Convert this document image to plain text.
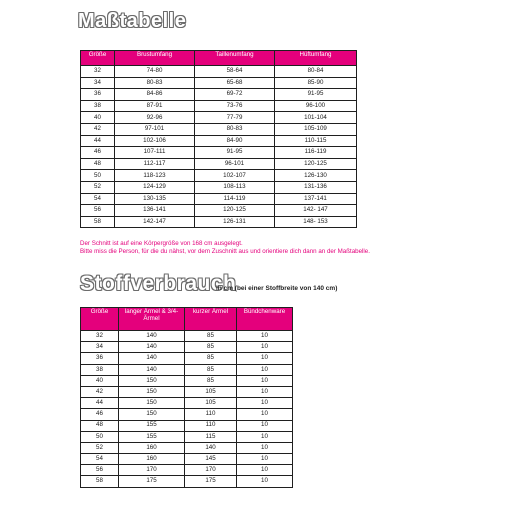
Maßtabelle
Größe	Brustumfang	Taillenumfang	Hüftumfang
32	74-80	58-64	80-84
34	80-83	65-68	85-90
36	84-86	69-72	91-95
38	87-91	73-76	96-100
40	92-96	77-79	101-104
42	97-101	80-83	105-109
44	102-106	84-90	110-115
46	107-111	91-95	116-119
48	112-117	96-101	120-125
50	118-123	102-107	126-130
52	124-129	108-113	131-136
54	130-135	114-119	137-141
56	136-141	120-125	142- 147
58	142-147	126-131	148- 153
Der Schnitt ist auf eine Körpergröße von 168 cm ausgelegt.
Bitte miss die Person, für die du nähst, vor dem Zuschnitt aus und orientiere dich dann an der Maßtabelle.
Stoffverbrauch
in cm (bei einer Stoffbreite von 140 cm)
Größe	langer Ärmel & 3/4-Ärmel	kurzer Ärmel	Bündchenware
32	140	85	10
34	140	85	10
36	140	85	10
38	140	85	10
40	150	85	10
42	150	105	10
44	150	105	10
46	150	110	10
48	155	110	10
50	155	115	10
52	160	140	10
54	160	145	10
56	170	170	10
58	175	175	10
